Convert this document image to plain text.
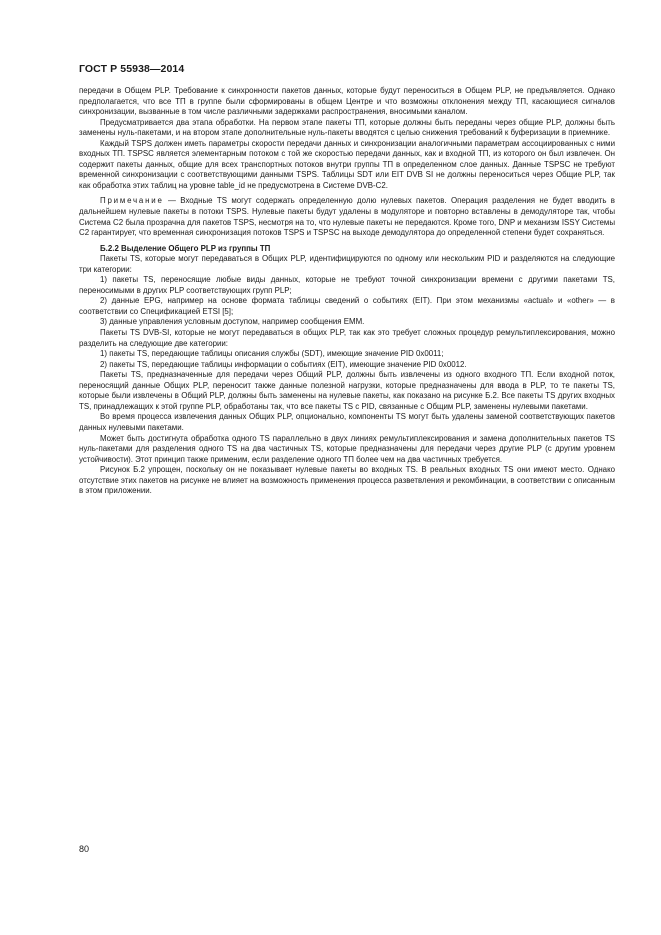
ГОСТ Р 55938—2014

передачи в Общем PLP. Требование к синхронности пакетов данных, которые будут переноситься в Общем PLP, не предъявляется. Однако предполагается, что все ТП в группе были сформированы в общем Центре и что возможны отклонения между ТП, касающиеся сигналов синхронизации, вызванные в том числе различными задержками распространения, вносимыми каналом.

Предусматривается два этапа обработки. На первом этапе пакеты ТП, которые должны быть переданы через общие PLP, должны быть заменены нуль-пакетами, и на втором этапе дополнительные нуль-пакеты вводятся с целью снижения требований к буферизации в приемнике.

Каждый TSPS должен иметь параметры скорости передачи данных и синхронизации аналогичными параметрам ассоциированных с ними входных ТП. TSPSC является элементарным потоком с той же скоростью передачи данных, как и входной ТП, из которого он был извлечен. Он содержит пакеты данных, общие для всех транспортных потоков внутри группы ТП в определенном слое данных. Данные TSPSC не требуют временной синхронизации с соответствующими данными TSPS. Таблицы SDT или EIT DVB SI не должны переноситься через Общие PLP, так как обработка этих таблиц на уровне table_id не предусмотрена в Системе DVB-C2.

Примечание — Входные TS могут содержать определенную долю нулевых пакетов. Операция разделения не будет вводить в дальнейшем нулевые пакеты в потоки TSPS. Нулевые пакеты будут удалены в модуляторе и повторно вставлены в демодуляторе так, чтобы Система С2 была прозрачна для пакетов TSPS, несмотря на то, что нулевые пакеты не передаются. Кроме того, DNP и механизм ISSY Системы С2 гарантирует, что временная синхронизация потоков TSPS и TSPSC на выходе демодулятора до определенной степени будет сохраняться.

Б.2.2 Выделение Общего PLP из группы ТП

Пакеты TS, которые могут передаваться в Общих PLP, идентифицируются по одному или нескольким PID и разделяются на следующие три категории:

1) пакеты TS, переносящие любые виды данных, которые не требуют точной синхронизации времени с другими пакетами TS, переносимыми в других PLP соответствующих групп PLP;

2) данные EPG, например на основе формата таблицы сведений о событиях (EIT). При этом механизмы «actual» и «other» — в соответствии со Спецификацией ETSI [5];

3) данные управления условным доступом, например сообщения EMM.

Пакеты TS DVB-SI, которые не могут передаваться в общих PLP, так как это требует сложных процедур ремультиплексирования, можно разделить на следующие две категории:

1) пакеты TS, передающие таблицы описания службы (SDT), имеющие значение PID 0x0011;

2) пакеты TS, передающие таблицы информации о событиях (EIT), имеющие значение PID 0x0012.

Пакеты TS, предназначенные для передачи через Общий PLP, должны быть извлечены из одного входного ТП. Если входной поток, переносящий данные Общих PLP, переносит также данные полезной нагрузки, которые предназначены для ввода в PLP, то те пакеты TS, которые были извлечены в Общий PLP, должны быть заменены на нулевые пакеты, как показано на рисунке Б.2. Все пакеты TS других входных TS, принадлежащих к этой группе PLP, обработаны так, что все пакеты TS с PID, связанные с Общим PLP, заменены нулевыми пакетами.

Во время процесса извлечения данных Общих PLP, опционально, компоненты TS могут быть удалены заменой соответствующих пакетов данных нулевыми пакетами.

Может быть достигнута обработка одного TS параллельно в двух линиях ремультиплексирования и замена дополнительных пакетов TS нуль-пакетами для разделения одного TS на два частичных TS, которые предназначены для передачи через другие PLP (с другим уровнем устойчивости). Этот принцип также применим, если разделение одного ТП более чем на два частичных требуется.

Рисунок Б.2 упрощен, поскольку он не показывает нулевые пакеты во входных TS. В реальных входных TS они имеют место. Однако отсутствие этих пакетов на рисунке не влияет на возможность применения процесса разветвления и рекомбинации, в соответствии с описанным в этом приложении.

80
